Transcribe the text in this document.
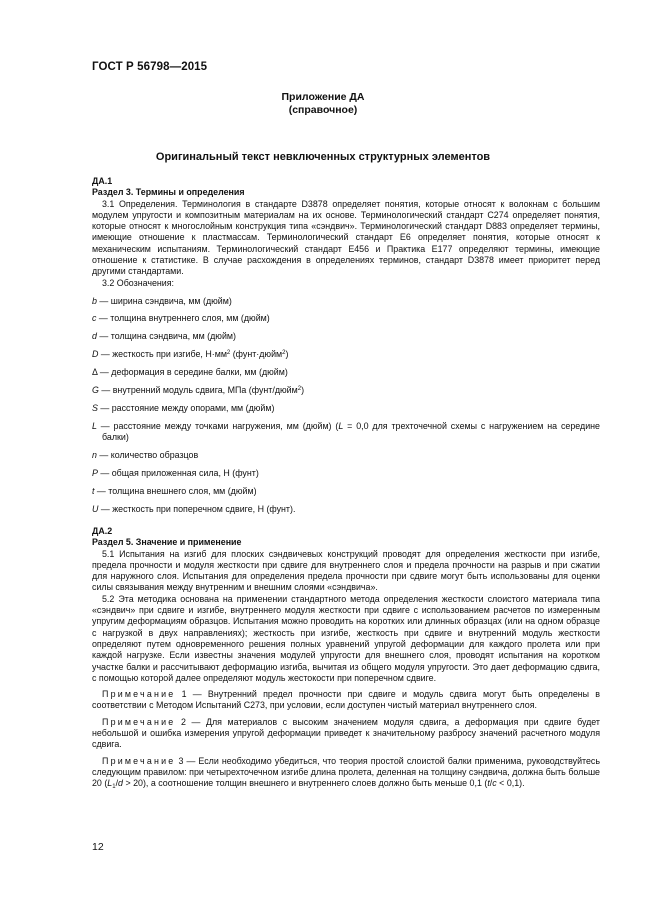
ГОСТ Р 56798—2015
Приложение ДА
(справочное)
Оригинальный текст невключенных структурных элементов

ДА.1

Раздел 3. Термины и определения

3.1 Определения. Терминология в стандарте D3878 определяет понятия, которые относят к волокнам с большим модулем упругости и композитным материалам на их основе. Терминологический стандарт C274 определяет понятия, которые относят к многослойным конструкция типа «сэндвич». Терминологический стандарт D883 определяет термины, имеющие отношение к пластмассам. Терминологический стандарт E6 определяет понятия, которые относят к механическим испытаниям. Терминологический стандарт E456 и Практика E177 определяют термины, имеющие отношение к статистике. В случае расхождения в определениях терминов, стандарт D3878 имеет приоритет перед другими стандартами.

3.2 Обозначения:

b — ширина сэндвича, мм (дюйм)

c — толщина внутреннего слоя, мм (дюйм)

d — толщина сэндвича, мм (дюйм)

D — жесткость при изгибе, $Н\cdot мм^2$ (фунт·дюйм$^2$)

Δ — деформация в середине балки, мм (дюйм)

G — внутренний модуль сдвига, МПа (фунт/дюйм$^2$)

S — расстояние между опорами, мм (дюйм)

L — расстояние между точками нагружения, мм (дюйм) (L = 0,0 для трехточечной схемы с нагружением на середине балки)

n — количество образцов

P — общая приложенная сила, Н (фунт)

t — толщина внешнего слоя, мм (дюйм)

U — жесткость при поперечном сдвиге, Н (фунт).

ДА.2

Раздел 5. Значение и применение

5.1 Испытания на изгиб для плоских сэндвичевых конструкций проводят для определения жесткости при изгибе, предела прочности и модуля жесткости при сдвиге для внутреннего слоя и предела прочности на разрыв и при сжатии для наружного слоя. Испытания для определения предела прочности при сдвиге могут быть использованы для оценки силы связывания между внутренним и внешним слоями «сэндвича».

5.2 Эта методика основана на применении стандартного метода определения жесткости слоистого материала типа «сэндвич» при сдвиге и изгибе, внутреннего модуля жесткости при сдвиге с использованием расчетов по измеренным упругим деформациям образцов. Испытания можно проводить на коротких или длинных образцах (или на одном образце с нагрузкой в двух направлениях); жесткость при изгибе, жесткость при сдвиге и внутренний модуль жесткости определяют путем одновременного решения полных уравнений упругой деформации для каждого пролета или при каждой нагрузке. Если известны значения модулей упругости для внешнего слоя, проводят испытания на коротком участке балки и рассчитывают деформацию изгиба, вычитая из общего модуля упругости. Это дает деформацию сдвига, с помощью которой далее определяют модуль жестокости при поперечном сдвиге.

Примечание 1 — Внутренний предел прочности при сдвиге и модуль сдвига могут быть определены в соответствии с Методом Испытаний C273, при условии, если доступен чистый материал внутреннего слоя.

Примечание 2 — Для материалов с высоким значением модуля сдвига, а деформация при сдвиге будет небольшой и ошибка измерения упругой деформации приведет к значительному разбросу значений расчетного модуля сдвига.

Примечание 3 — Если необходимо убедиться, что теория простой слоистой балки применима, руководствуйтесь следующим правилом: при четырехточечном изгибе длина пролета, деленная на толщину сэндвича, должна быть больше 20 $(L_1/d > 20)$, а соотношение толщин внешнего и внутреннего слоев должно быть меньше 0,1 (t/c < 0,1).

12
